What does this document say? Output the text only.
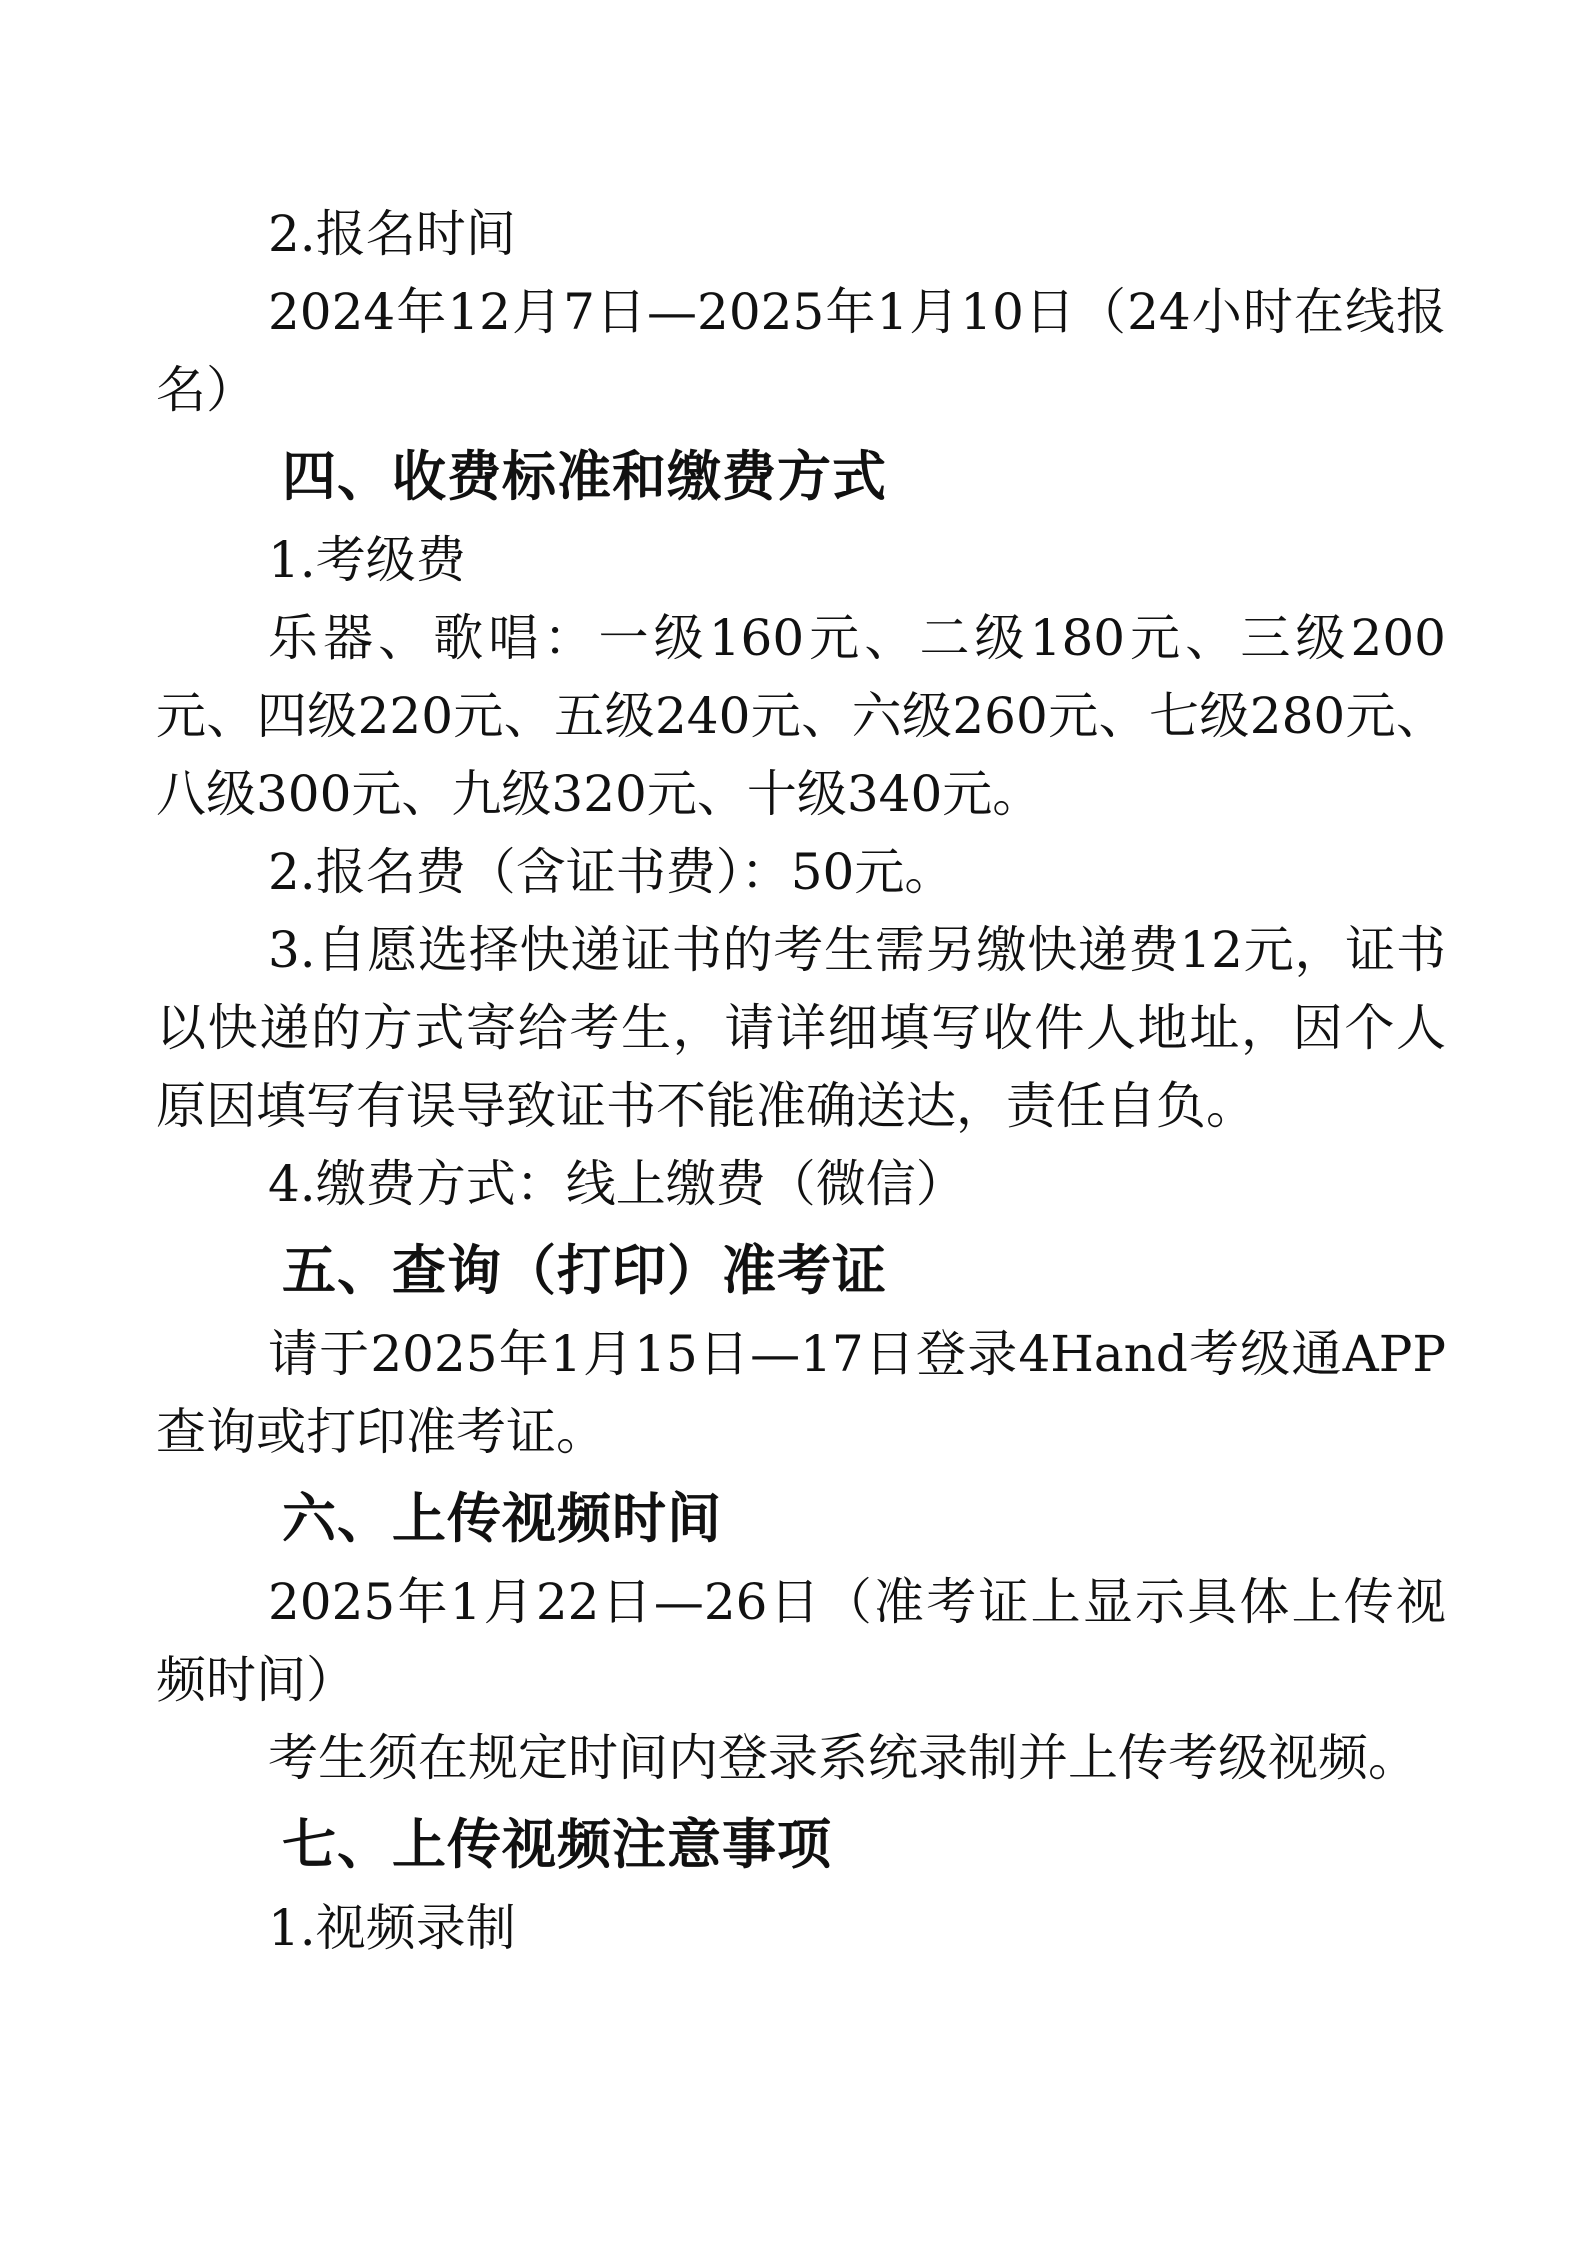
2.报名时间

2024年12月7日—2025年1月10日（24小时在线报名）

四、收费标准和缴费方式

1.考级费

乐器、歌唱：一级160元、二级180元、三级200元、四级220元、五级240元、六级260元、七级280元、八级300元、九级320元、十级340元。

2.报名费（含证书费）：50元。

3.自愿选择快递证书的考生需另缴快递费12元，证书以快递的方式寄给考生，请详细填写收件人地址，因个人原因填写有误导致证书不能准确送达，责任自负。

4.缴费方式：线上缴费（微信）

五、查询（打印）准考证

请于2025年1月15日—17日登录4Hand考级通APP查询或打印准考证。

六、上传视频时间

2025年1月22日—26日（准考证上显示具体上传视频时间）

考生须在规定时间内登录系统录制并上传考级视频。

七、上传视频注意事项

1.视频录制
